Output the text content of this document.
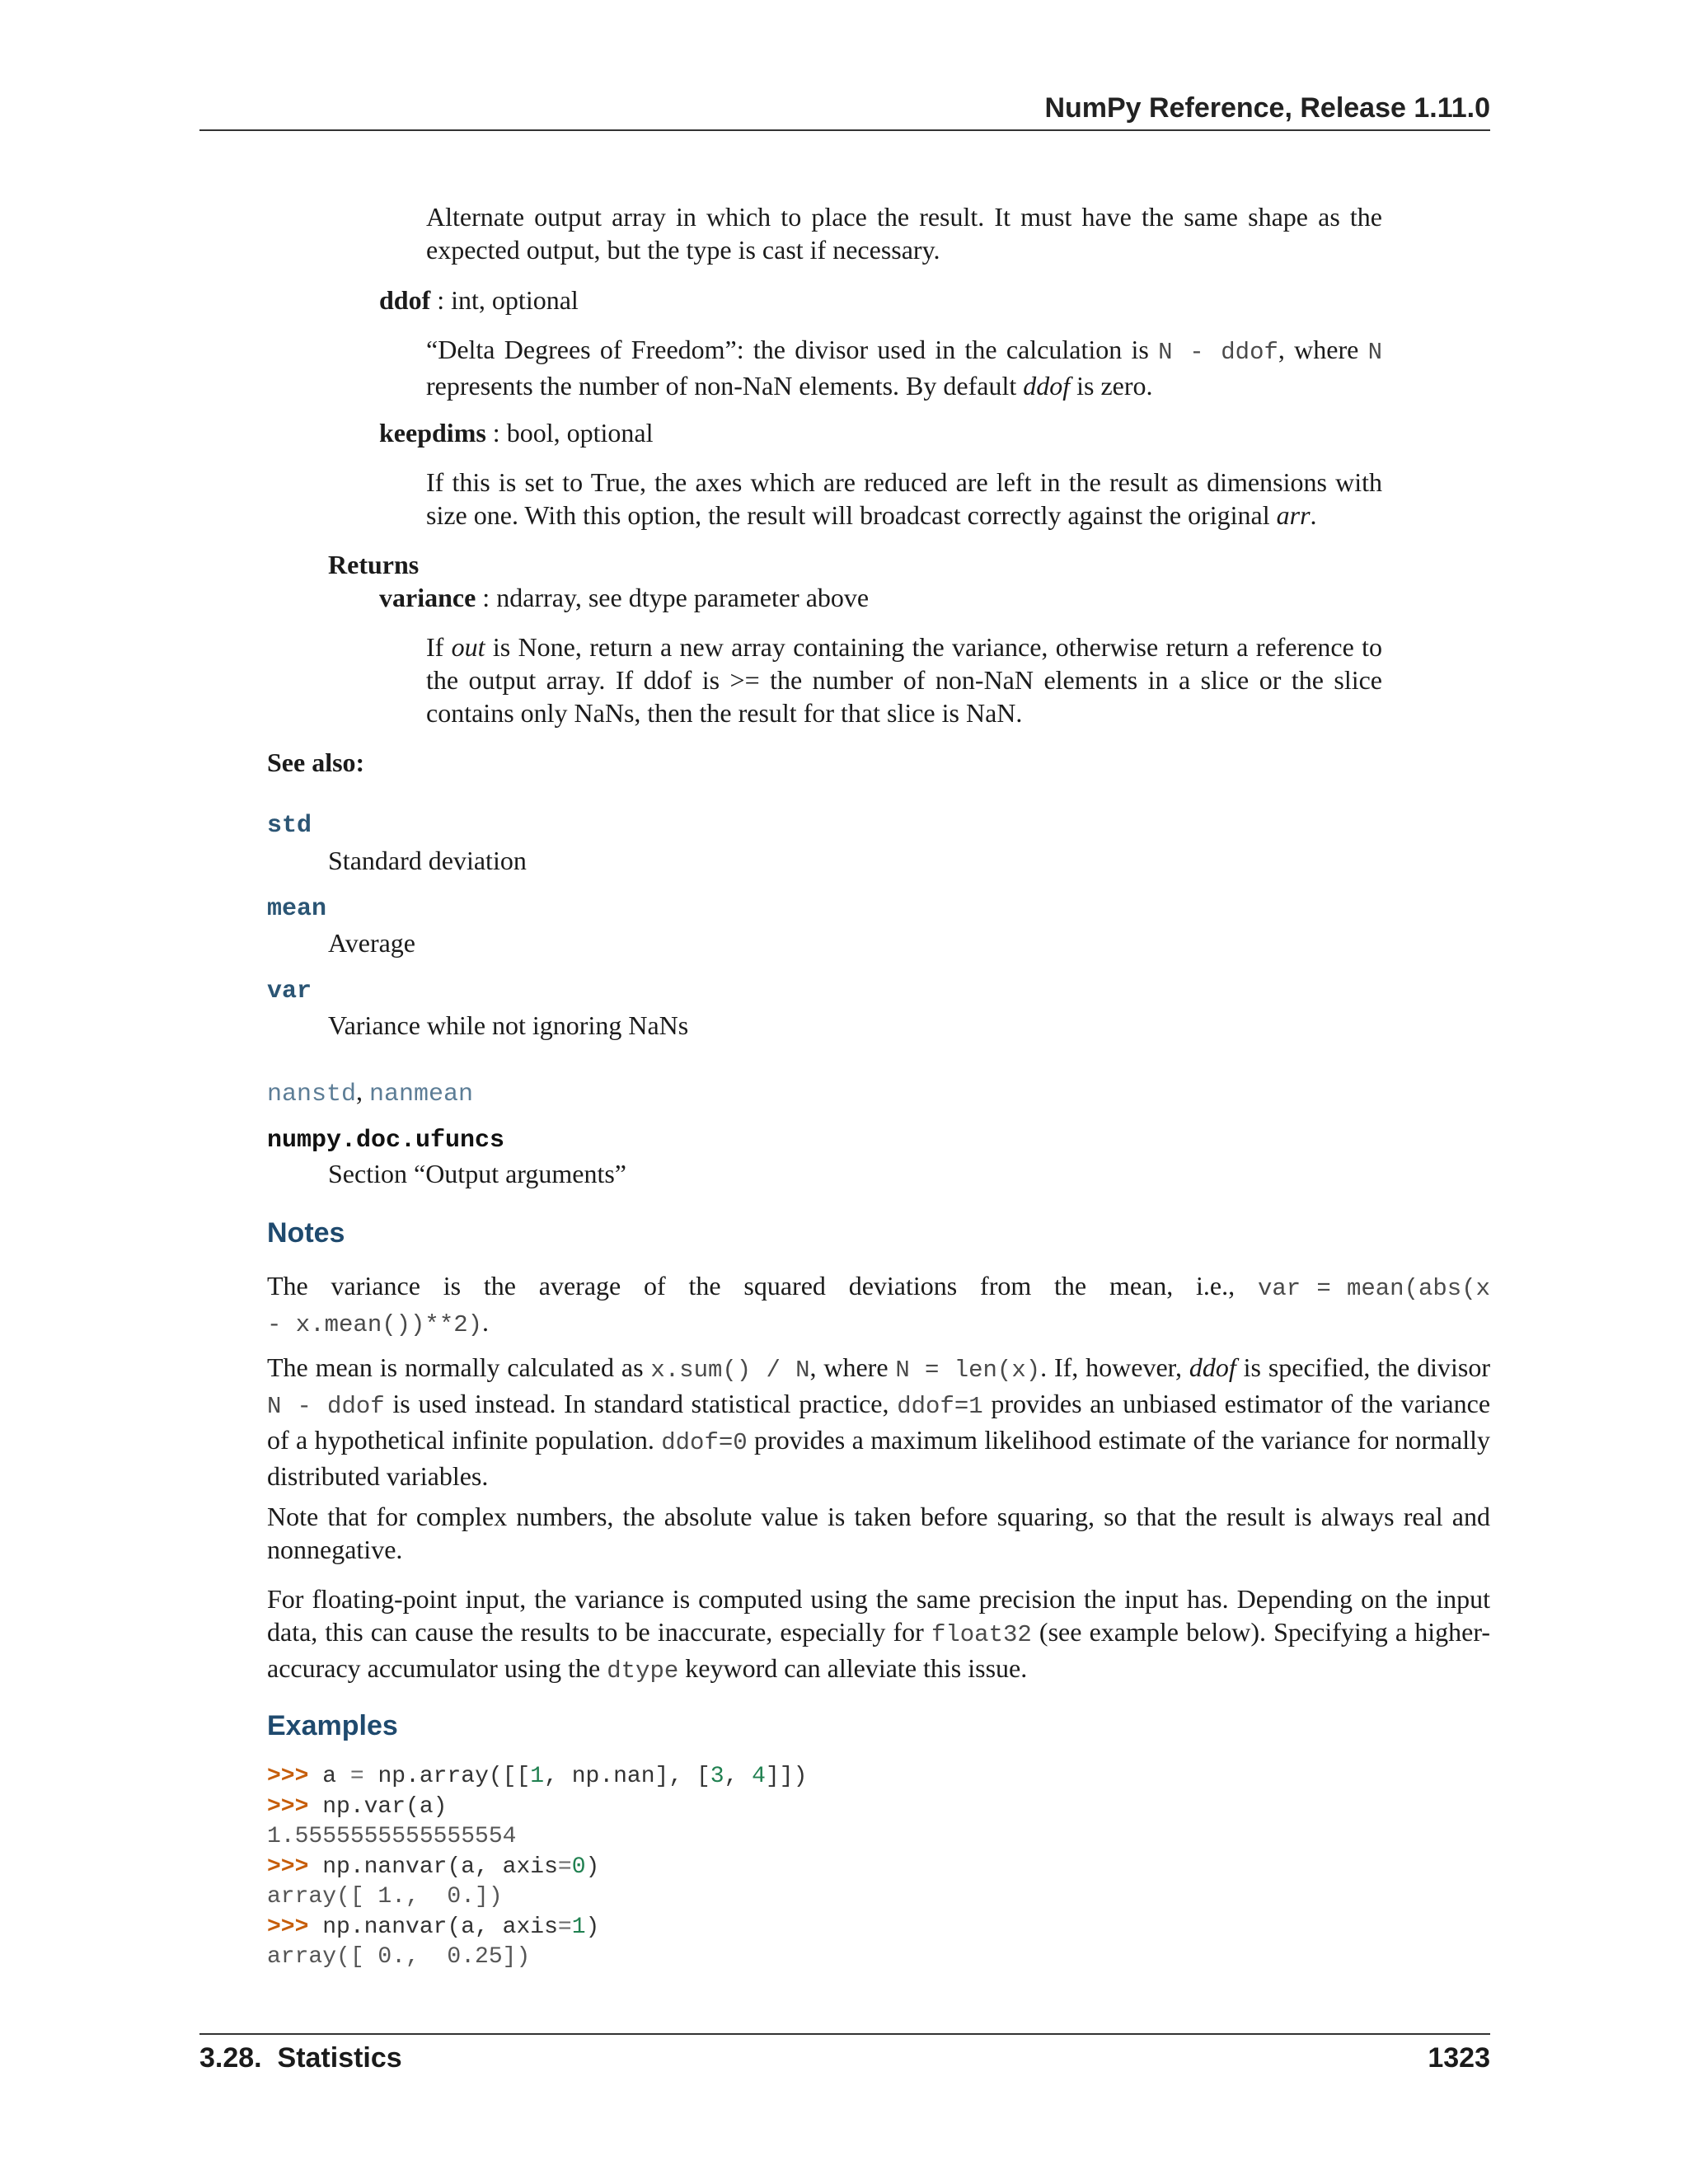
NumPy Reference, Release 1.11.0
Alternate output array in which to place the result. It must have the same shape as the expected output, but the type is cast if necessary.
ddof : int, optional
“Delta Degrees of Freedom”: the divisor used in the calculation is N - ddof, where N represents the number of non-NaN elements. By default ddof is zero.
keepdims : bool, optional
If this is set to True, the axes which are reduced are left in the result as dimensions with size one. With this option, the result will broadcast correctly against the original arr.
Returns
variance : ndarray, see dtype parameter above
If out is None, return a new array containing the variance, otherwise return a reference to the output array. If ddof is >= the number of non-NaN elements in a slice or the slice contains only NaNs, then the result for that slice is NaN.
See also:
std
Standard deviation
mean
Average
var
Variance while not ignoring NaNs
nanstd, nanmean
numpy.doc.ufuncs
Section “Output arguments”
Notes
The variance is the average of the squared deviations from the mean, i.e., var = mean(abs(x - x.mean())**2).
The mean is normally calculated as x.sum() / N, where N = len(x). If, however, ddof is specified, the divisor N - ddof is used instead. In standard statistical practice, ddof=1 provides an unbiased estimator of the variance of a hypothetical infinite population. ddof=0 provides a maximum likelihood estimate of the variance for normally distributed variables.
Note that for complex numbers, the absolute value is taken before squaring, so that the result is always real and nonnegative.
For floating-point input, the variance is computed using the same precision the input has. Depending on the input data, this can cause the results to be inaccurate, especially for float32 (see example below). Specifying a higher-accuracy accumulator using the dtype keyword can alleviate this issue.
Examples
>>> a = np.array([[1, np.nan], [3, 4]])
>>> np.var(a)
1.5555555555555554
>>> np.nanvar(a, axis=0)
array([ 1.,  0.])
>>> np.nanvar(a, axis=1)
array([ 0.,  0.25])
3.28.  Statistics	1323
